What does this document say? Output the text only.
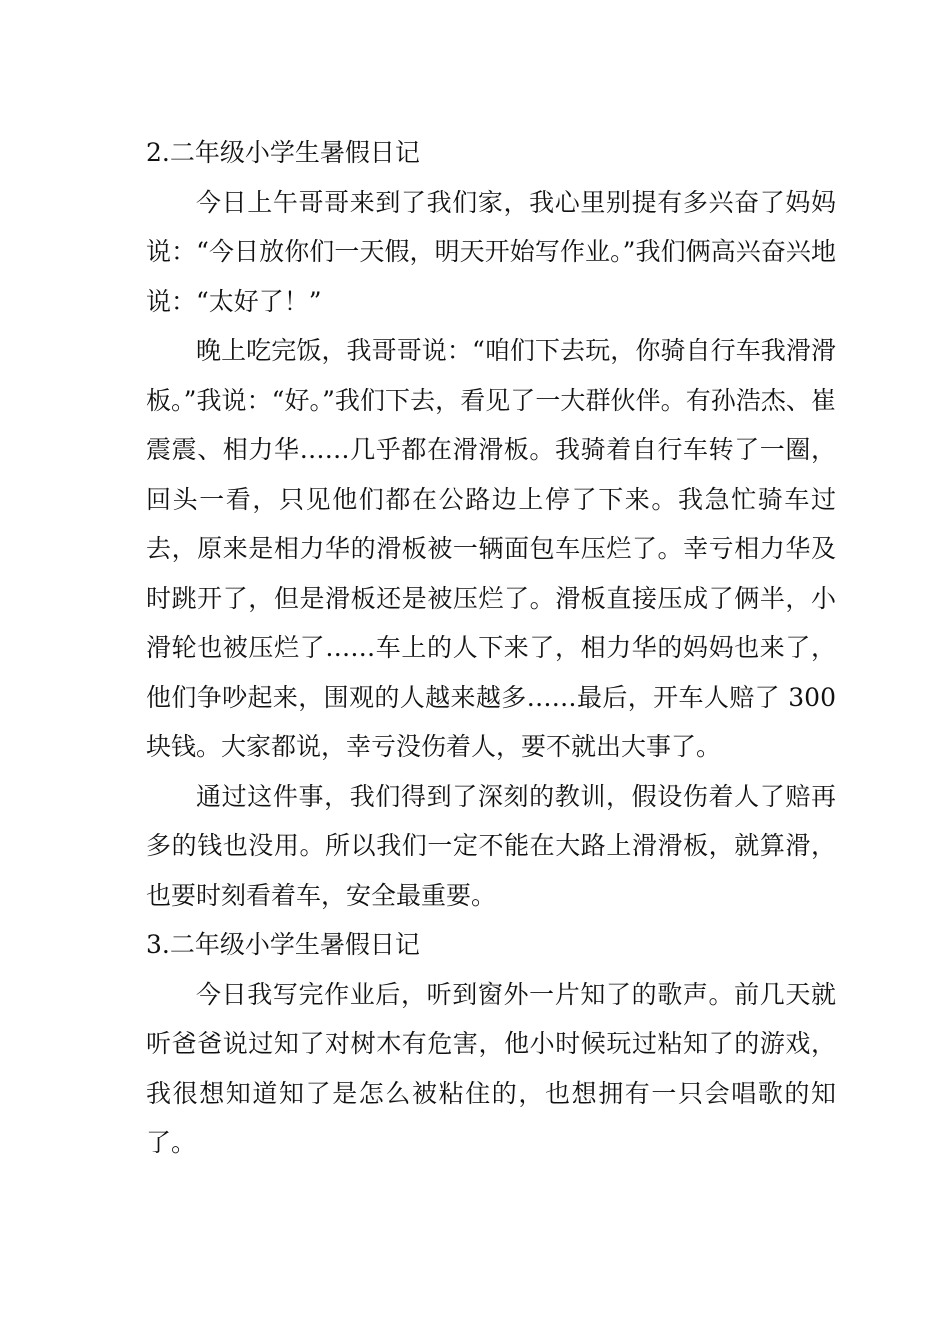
2.二年级小学生暑假日记

今日上午哥哥来到了我们家，我心里别提有多兴奋了妈妈说：“今日放你们一天假，明天开始写作业。”我们俩高兴奋兴地说：“太好了！”

晚上吃完饭，我哥哥说：“咱们下去玩，你骑自行车我滑滑板。”我说：“好。”我们下去，看见了一大群伙伴。有孙浩杰、崔震震、相力华……几乎都在滑滑板。我骑着自行车转了一圈，回头一看，只见他们都在公路边上停了下来。我急忙骑车过去，原来是相力华的滑板被一辆面包车压烂了。幸亏相力华及时跳开了，但是滑板还是被压烂了。滑板直接压成了俩半，小滑轮也被压烂了……车上的人下来了，相力华的妈妈也来了，他们争吵起来，围观的人越来越多……最后，开车人赔了 300 块钱。大家都说，幸亏没伤着人，要不就出大事了。

通过这件事，我们得到了深刻的教训，假设伤着人了赔再多的钱也没用。所以我们一定不能在大路上滑滑板，就算滑，也要时刻看着车，安全最重要。

3.二年级小学生暑假日记

今日我写完作业后，听到窗外一片知了的歌声。前几天就听爸爸说过知了对树木有危害，他小时候玩过粘知了的游戏，我很想知道知了是怎么被粘住的，也想拥有一只会唱歌的知了。
